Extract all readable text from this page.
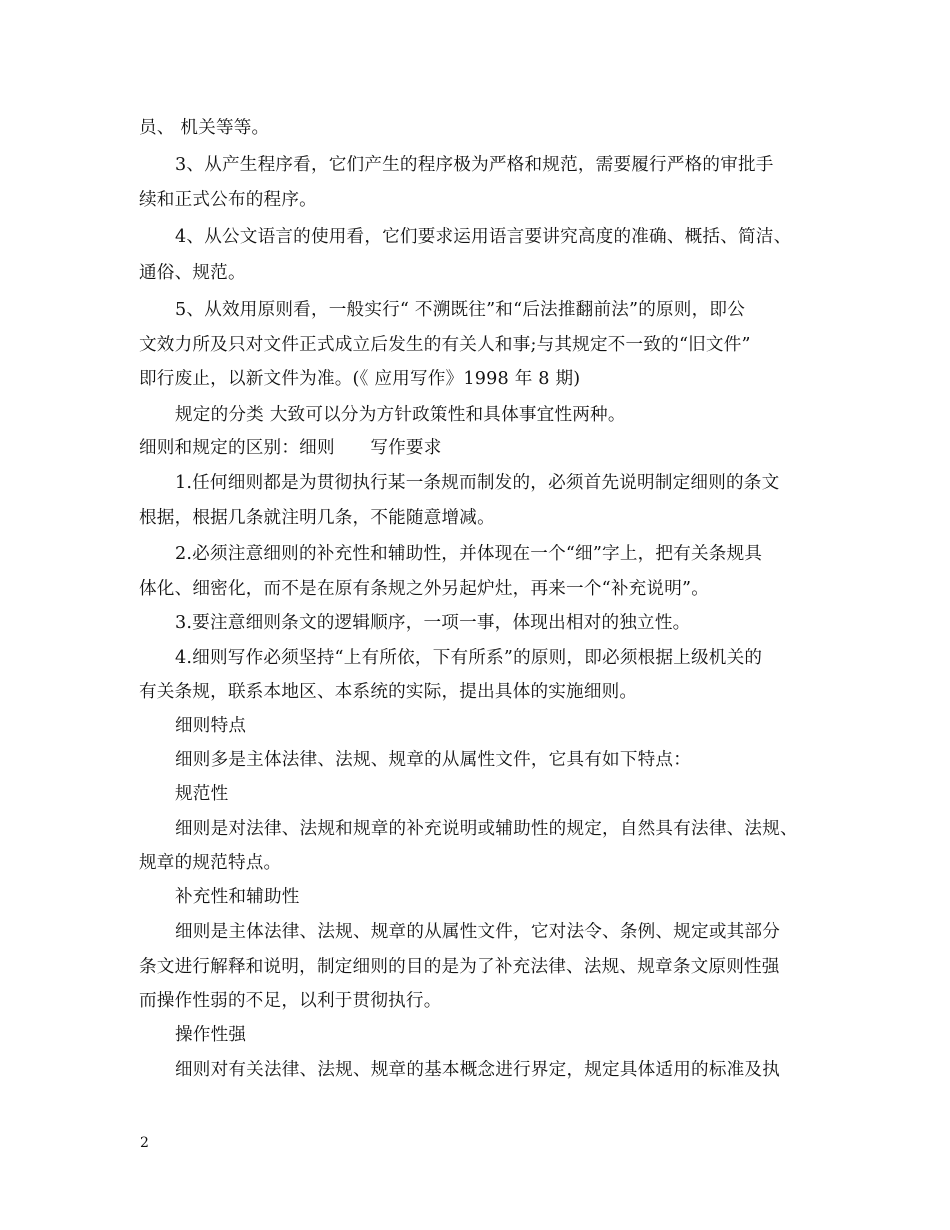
员、 机关等等。
3、从产生程序看，它们产生的程序极为严格和规范，需要履行严格的审批手
续和正式公布的程序。
4、从公文语言的使用看，它们要求运用语言要讲究高度的准确、概括、简洁、
通俗、规范。
5、从效用原则看，一般实行“ 不溯既往”和“后法推翻前法”的原则，即公
文效力所及只对文件正式成立后发生的有关人和事;与其规定不一致的“旧文件”
即行废止，以新文件为准。(《 应用写作》1998 年 8 期)
规定的分类 大致可以分为方针政策性和具体事宜性两种。
细则和规定的区别：细则　　写作要求
1.任何细则都是为贯彻执行某一条规而制发的，必须首先说明制定细则的条文
根据，根据几条就注明几条，不能随意增减。
2.必须注意细则的补充性和辅助性，并体现在一个“细”字上，把有关条规具
体化、细密化，而不是在原有条规之外另起炉灶，再来一个“补充说明”。
3.要注意细则条文的逻辑顺序，一项一事，体现出相对的独立性。
4.细则写作必须坚持“上有所依，下有所系”的原则，即必须根据上级机关的
有关条规，联系本地区、本系统的实际，提出具体的实施细则。
细则特点
细则多是主体法律、法规、规章的从属性文件，它具有如下特点：
规范性
细则是对法律、法规和规章的补充说明或辅助性的规定，自然具有法律、法规、
规章的规范特点。
补充性和辅助性
细则是主体法律、法规、规章的从属性文件，它对法令、条例、规定或其部分
条文进行解释和说明，制定细则的目的是为了补充法律、法规、规章条文原则性强
而操作性弱的不足，以利于贯彻执行。
操作性强
细则对有关法律、法规、规章的基本概念进行界定，规定具体适用的标准及执
2
